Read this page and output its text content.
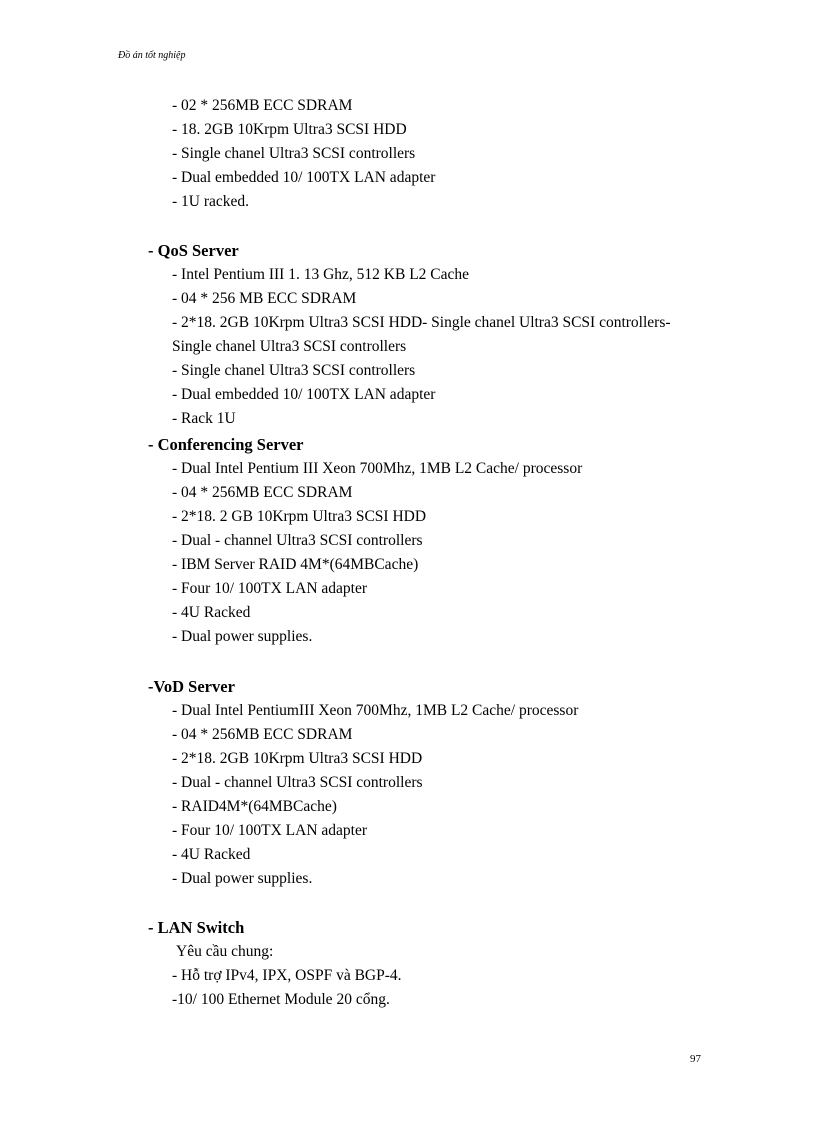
Đồ án tốt nghiệp
- 02 * 256MB ECC SDRAM
- 18. 2GB 10Krpm Ultra3 SCSI HDD
- Single chanel Ultra3 SCSI controllers
- Dual embedded 10/ 100TX LAN adapter
- 1U racked.
- QoS Server
- Intel Pentium III 1. 13 Ghz, 512 KB L2 Cache
- 04 * 256 MB ECC SDRAM
- 2*18. 2GB 10Krpm Ultra3 SCSI HDD- Single chanel Ultra3 SCSI controllers- Single chanel Ultra3 SCSI controllers
- Single chanel Ultra3 SCSI controllers
- Dual embedded 10/ 100TX LAN adapter
- Rack 1U
- Conferencing Server
- Dual Intel Pentium III Xeon 700Mhz, 1MB L2 Cache/ processor
- 04 * 256MB ECC SDRAM
- 2*18. 2 GB 10Krpm Ultra3 SCSI HDD
- Dual - channel Ultra3 SCSI controllers
- IBM Server RAID 4M*(64MBCache)
- Four 10/ 100TX LAN adapter
- 4U Racked
- Dual power supplies.
-VoD Server
- Dual Intel PentiumIII Xeon 700Mhz, 1MB L2 Cache/ processor
- 04 * 256MB ECC SDRAM
- 2*18. 2GB 10Krpm Ultra3 SCSI HDD
- Dual - channel Ultra3 SCSI controllers
- RAID4M*(64MBCache)
- Four 10/ 100TX LAN adapter
- 4U Racked
- Dual power supplies.
- LAN Switch
Yêu cầu chung:
- Hỗ trợ IPv4, IPX, OSPF và BGP-4.
-10/ 100 Ethernet Module 20 cổng.
97
